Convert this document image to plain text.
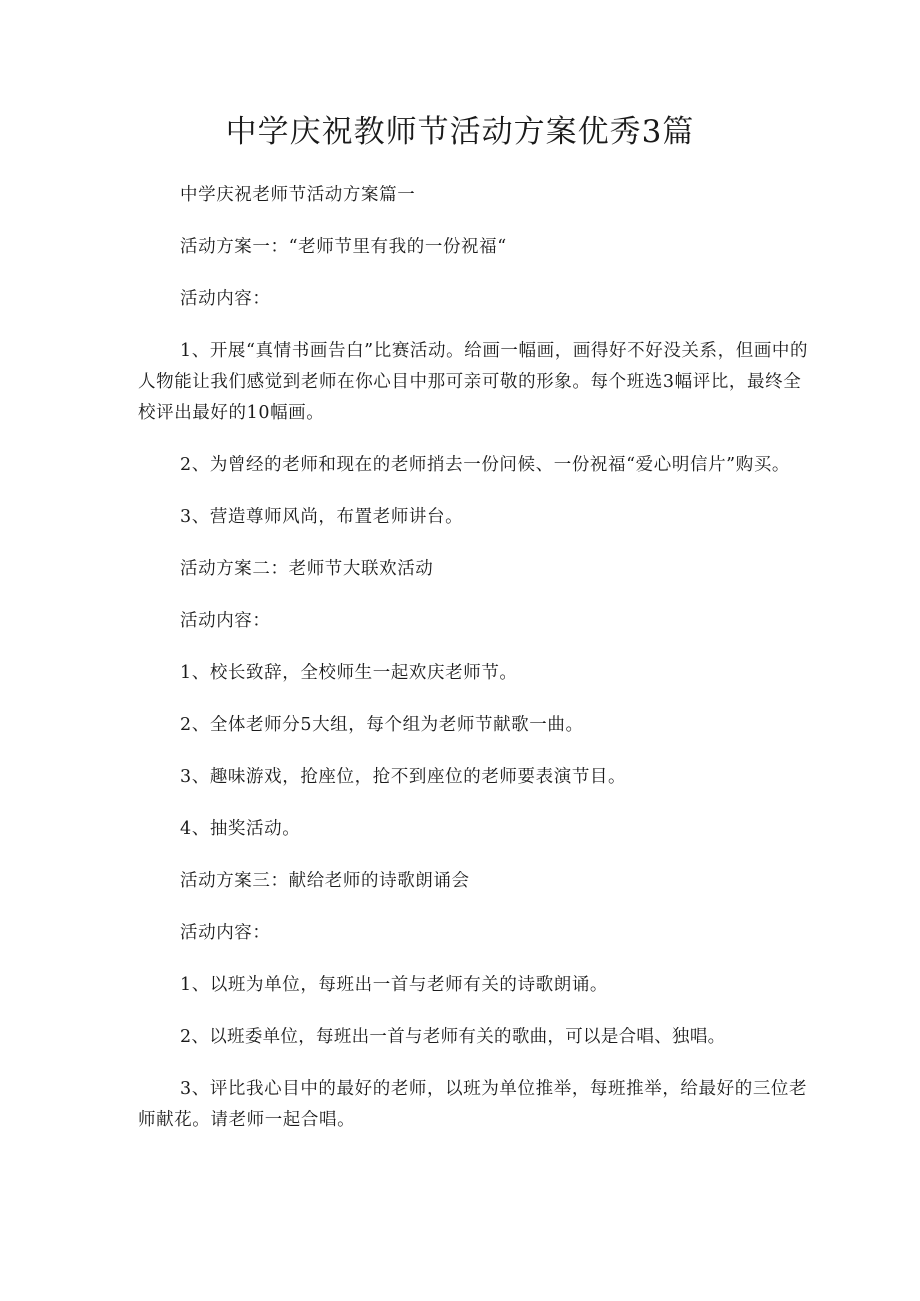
中学庆祝教师节活动方案优秀3篇

中学庆祝老师节活动方案篇一

活动方案一：“老师节里有我的一份祝福“

活动内容：

1、开展“真情书画告白”比赛活动。给画一幅画，画得好不好没关系，但画中的人物能让我们感觉到老师在你心目中那可亲可敬的形象。每个班选3幅评比，最终全校评出最好的10幅画。

2、为曾经的老师和现在的老师捎去一份问候、一份祝福“爱心明信片”购买。

3、营造尊师风尚，布置老师讲台。

活动方案二：老师节大联欢活动

活动内容：

1、校长致辞，全校师生一起欢庆老师节。

2、全体老师分5大组，每个组为老师节献歌一曲。

3、趣味游戏，抢座位，抢不到座位的老师要表演节目。

4、抽奖活动。

活动方案三：献给老师的诗歌朗诵会

活动内容：

1、以班为单位，每班出一首与老师有关的诗歌朗诵。

2、以班委单位，每班出一首与老师有关的歌曲，可以是合唱、独唱。

3、评比我心目中的最好的老师，以班为单位推举，每班推举，给最好的三位老师献花。请老师一起合唱。
